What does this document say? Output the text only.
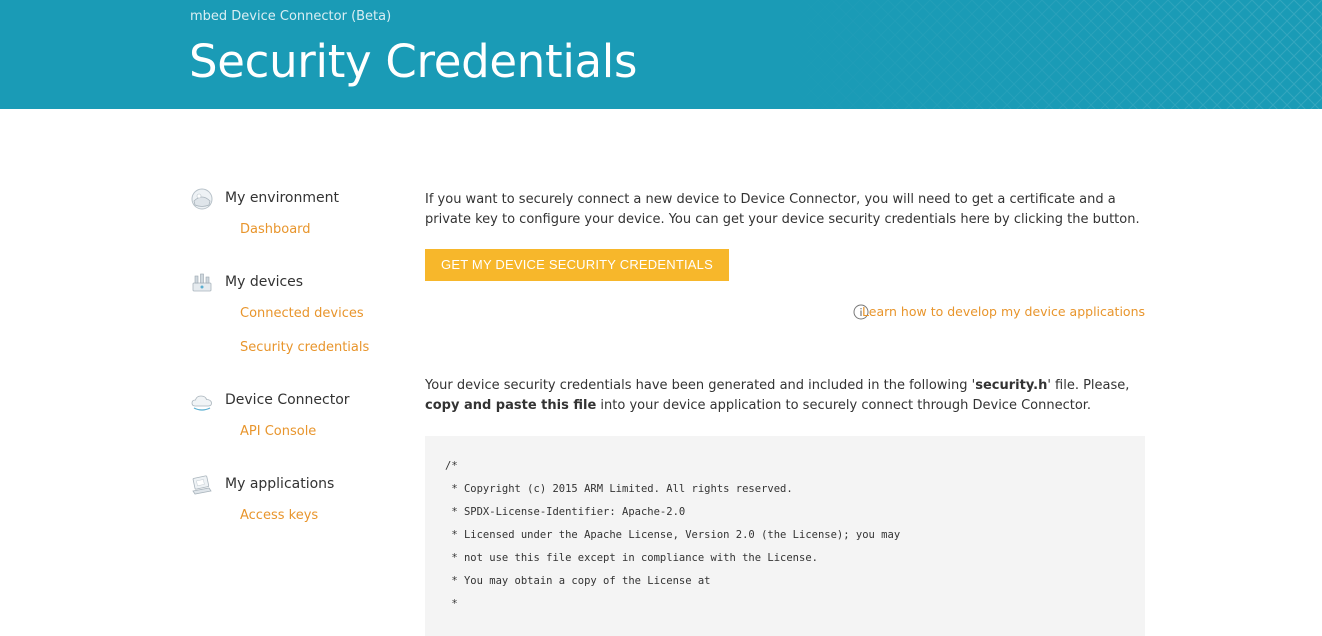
mbed Device Connector (Beta)
Security Credentials
My environment
Dashboard
My devices
Connected devices
Security credentials
Device Connector
API Console
My applications
Access keys

If you want to securely connect a new device to Device Connector, you will need to get a certificate and a private key to configure your device. You can get your device security credentials here by clicking the button.

GET MY DEVICE SECURITY CREDENTIALS
Learn how to develop my device applications

Your device security credentials have been generated and included in the following 'security.h' file. Please, copy and paste this file into your device application to securely connect through Device Connector.

/*
* Copyright (c) 2015 ARM Limited. All rights reserved.
* SPDX-License-Identifier: Apache-2.0
* Licensed under the Apache License, Version 2.0 (the License); you may
* not use this file except in compliance with the License.
* You may obtain a copy of the License at
*
